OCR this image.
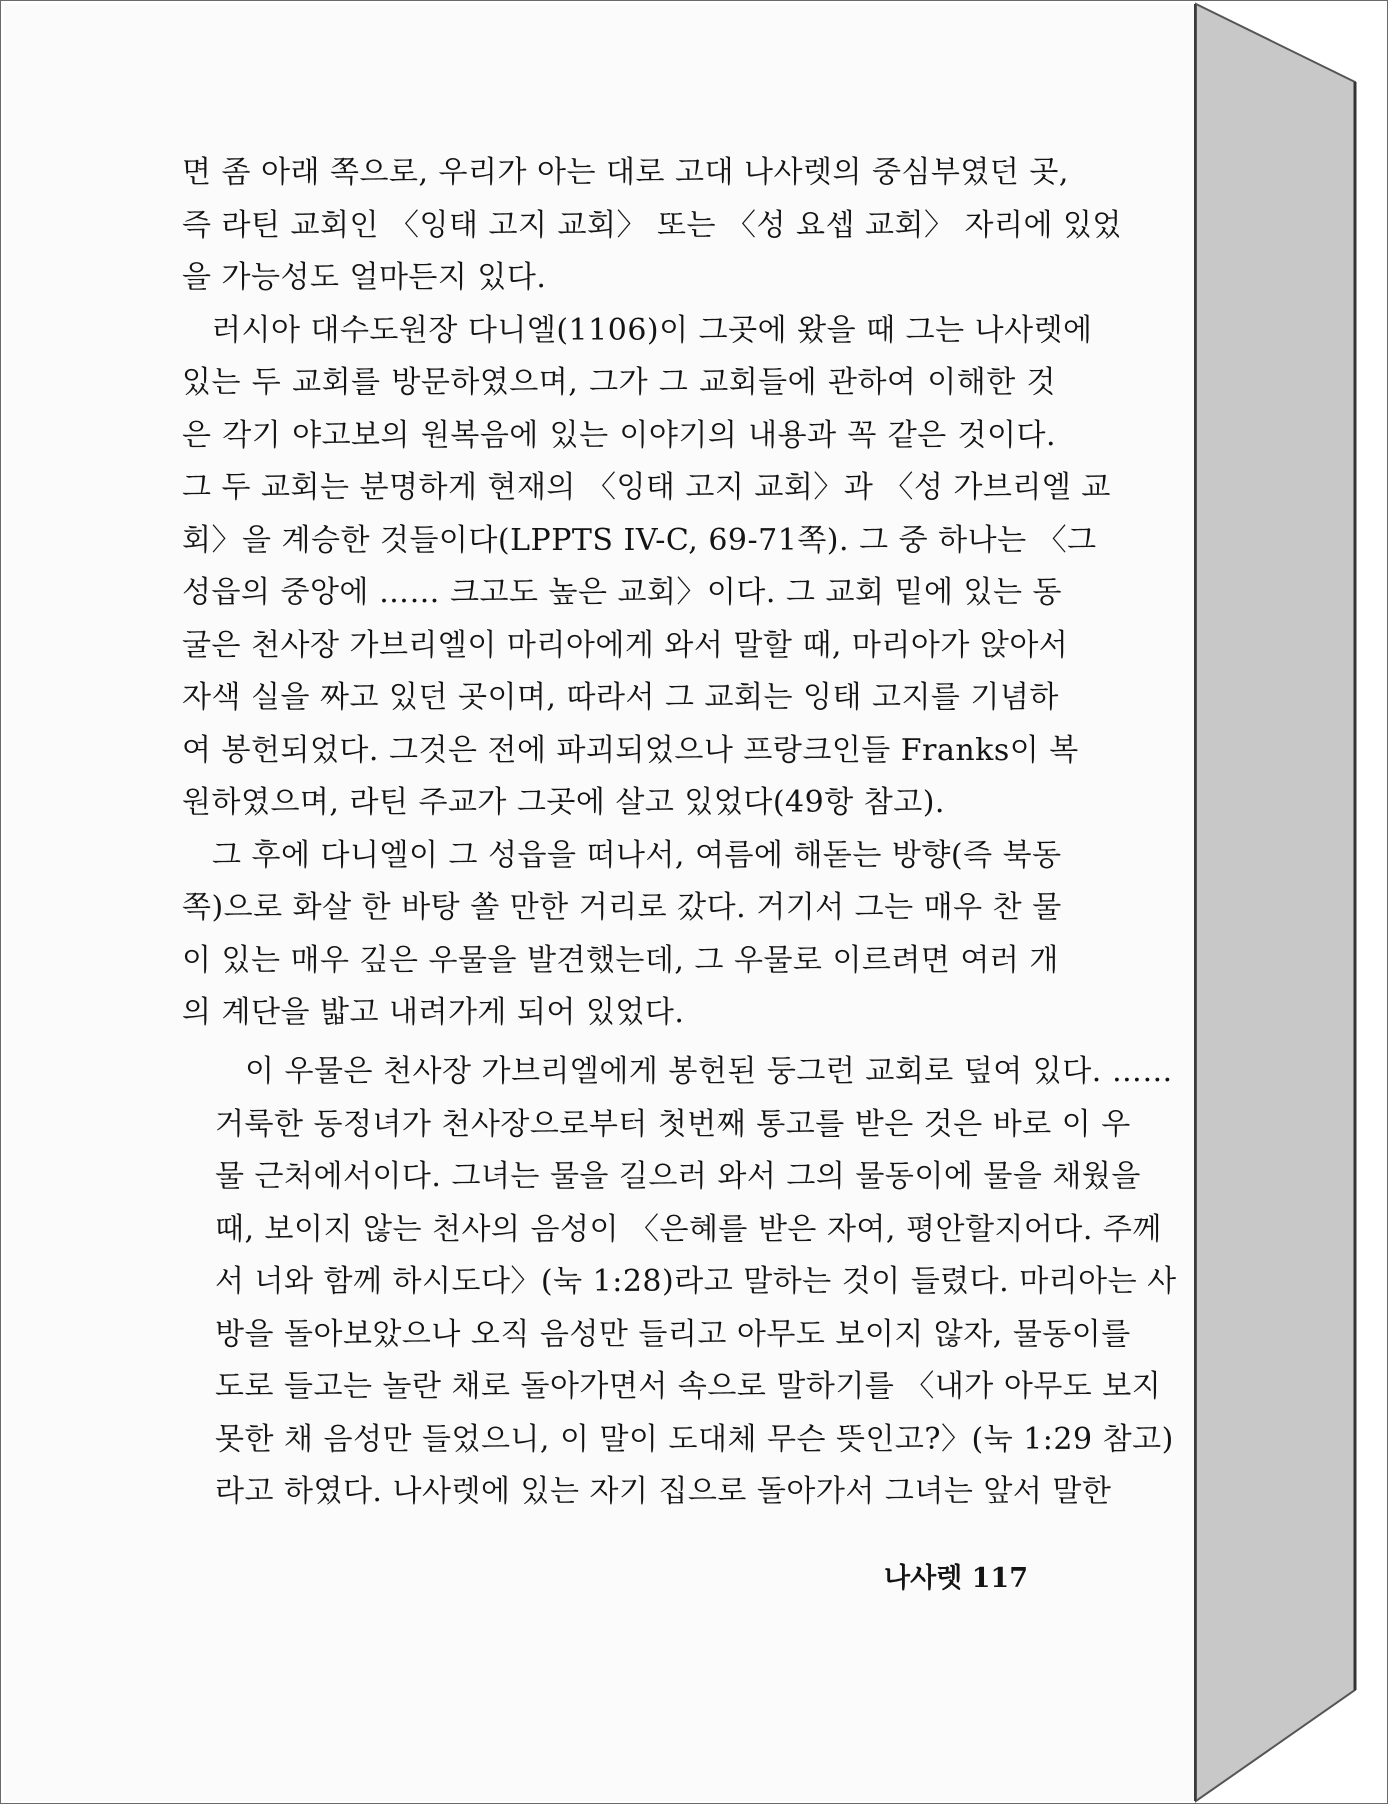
면 좀 아래 쪽으로, 우리가 아는 대로 고대 나사렛의 중심부였던 곳,
즉 라틴 교회인 〈잉태 고지 교회〉 또는 〈성 요셉 교회〉 자리에 있었
을 가능성도 얼마든지 있다.
러시아 대수도원장 다니엘(1106)이 그곳에 왔을 때 그는 나사렛에
있는 두 교회를 방문하였으며, 그가 그 교회들에 관하여 이해한 것
은 각기 야고보의 원복음에 있는 이야기의 내용과 꼭 같은 것이다.
그 두 교회는 분명하게 현재의 〈잉태 고지 교회〉과 〈성 가브리엘 교
회〉을 계승한 것들이다(LPPTS IV-C, 69-71쪽). 그 중 하나는 〈그
성읍의 중앙에 …… 크고도 높은 교회〉이다. 그 교회 밑에 있는 동
굴은 천사장 가브리엘이 마리아에게 와서 말할 때, 마리아가 앉아서
자색 실을 짜고 있던 곳이며, 따라서 그 교회는 잉태 고지를 기념하
여 봉헌되었다. 그것은 전에 파괴되었으나 프랑크인들 Franks이 복
원하였으며, 라틴 주교가 그곳에 살고 있었다(49항 참고).
그 후에 다니엘이 그 성읍을 떠나서, 여름에 해돋는 방향(즉 북동
쪽)으로 화살 한 바탕 쏠 만한 거리로 갔다. 거기서 그는 매우 찬 물
이 있는 매우 깊은 우물을 발견했는데, 그 우물로 이르려면 여러 개
의 계단을 밟고 내려가게 되어 있었다.
이 우물은 천사장 가브리엘에게 봉헌된 둥그런 교회로 덮여 있다. ……
거룩한 동정녀가 천사장으로부터 첫번째 통고를 받은 것은 바로 이 우
물 근처에서이다. 그녀는 물을 길으러 와서 그의 물동이에 물을 채웠을
때, 보이지 않는 천사의 음성이 〈은혜를 받은 자여, 평안할지어다. 주께
서 너와 함께 하시도다〉(눅 1:28)라고 말하는 것이 들렸다. 마리아는 사
방을 돌아보았으나 오직 음성만 들리고 아무도 보이지 않자, 물동이를
도로 들고는 놀란 채로 돌아가면서 속으로 말하기를 〈내가 아무도 보지
못한 채 음성만 들었으니, 이 말이 도대체 무슨 뜻인고?〉(눅 1:29 참고)
라고 하였다. 나사렛에 있는 자기 집으로 돌아가서 그녀는 앞서 말한
나사렛 117
